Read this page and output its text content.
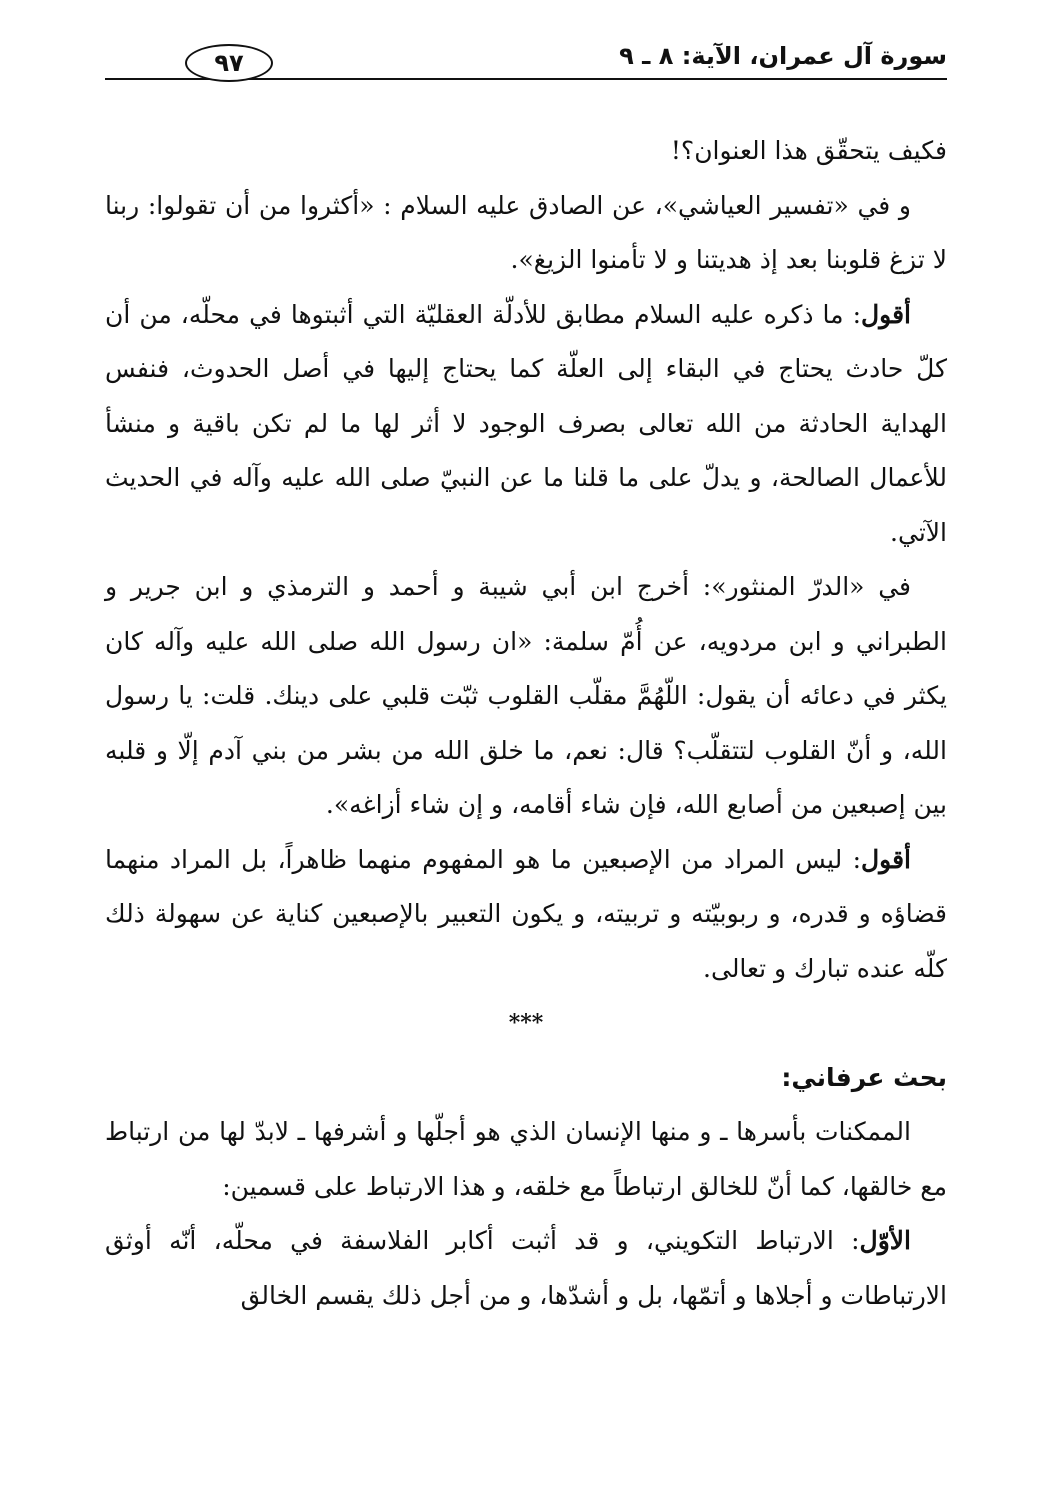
سورة آل عمران، الآية: ٨ ـ ٩
٩٧

فكيف يتحقّق هذا العنوان؟!

و في «تفسير العياشي»، عن الصادق عليه السلام : «أكثروا من أن تقولوا: ربنا لا تزغ قلوبنا بعد إذ هديتنا و لا تأمنوا الزيغ».

أقول: ما ذكره عليه السلام مطابق للأدلّة العقليّة التي أثبتوها في محلّه، من أن كلّ حادث يحتاج في البقاء إلى العلّة كما يحتاج إليها في أصل الحدوث، فنفس الهداية الحادثة من الله تعالى بصرف الوجود لا أثر لها ما لم تكن باقية و منشأ للأعمال الصالحة، و يدلّ على ما قلنا ما عن النبيّ صلى الله عليه وآله في الحديث الآتي.

في «الدرّ المنثور»: أخرج ابن أبي شيبة و أحمد و الترمذي و ابن جرير و الطبراني و ابن مردويه، عن أُمّ سلمة: «ان رسول الله صلى الله عليه وآله كان يكثر في دعائه أن يقول: اللّهُمَّ مقلّب القلوب ثبّت قلبي على دينك. قلت: يا رسول الله، و أنّ القلوب لتتقلّب؟ قال: نعم، ما خلق الله من بشر من بني آدم إلّا و قلبه بين إصبعين من أصابع الله، فإن شاء أقامه، و إن شاء أزاغه».

أقول: ليس المراد من الإصبعين ما هو المفهوم منهما ظاهراً، بل المراد منهما قضاؤه و قدره، و ربوبيّته و تربيته، و يكون التعبير بالإصبعين كناية عن سهولة ذلك كلّه عنده تبارك و تعالى.

***

بحث عرفاني:

الممكنات بأسرها ـ و منها الإنسان الذي هو أجلّها و أشرفها ـ لابدّ لها من ارتباط مع خالقها، كما أنّ للخالق ارتباطاً مع خلقه، و هذا الارتباط على قسمين:

الأوّل: الارتباط التكويني، و قد أثبت أكابر الفلاسفة في محلّه، أنّه أوثق الارتباطات و أجلاها و أتمّها، بل و أشدّها، و من أجل ذلك يقسم الخالق
